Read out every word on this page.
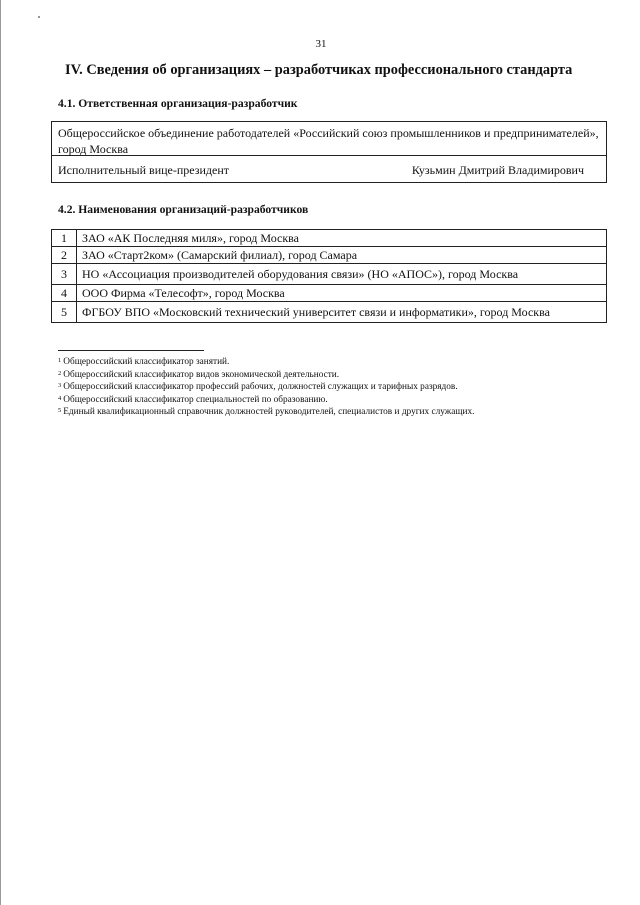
31
IV. Сведения об организациях – разработчиках профессионального стандарта
4.1. Ответственная организация-разработчик
Общероссийское объединение работодателей «Российский союз промышленников и предпринимателей», город Москва
Исполнительный вице-президент	Кузьмин Дмитрий Владимирович
4.2. Наименования организаций-разработчиков
1	ЗАО «АК Последняя миля», город Москва
2	ЗАО «Старт2ком» (Самарский филиал), город Самара
3	НО «Ассоциация производителей оборудования связи» (НО «АПОС»), город Москва
4	ООО Фирма «Телесофт», город Москва
5	ФГБОУ ВПО «Московский технический университет связи и информатики», город Москва
$^1$ Общероссийский классификатор занятий.
$^2$ Общероссийский классификатор видов экономической деятельности.
$^3$ Общероссийский классификатор профессий рабочих, должностей служащих и тарифных разрядов.
$^4$ Общероссийский классификатор специальностей по образованию.
$^5$ Единый квалификационный справочник должностей руководителей, специалистов и других служащих.
